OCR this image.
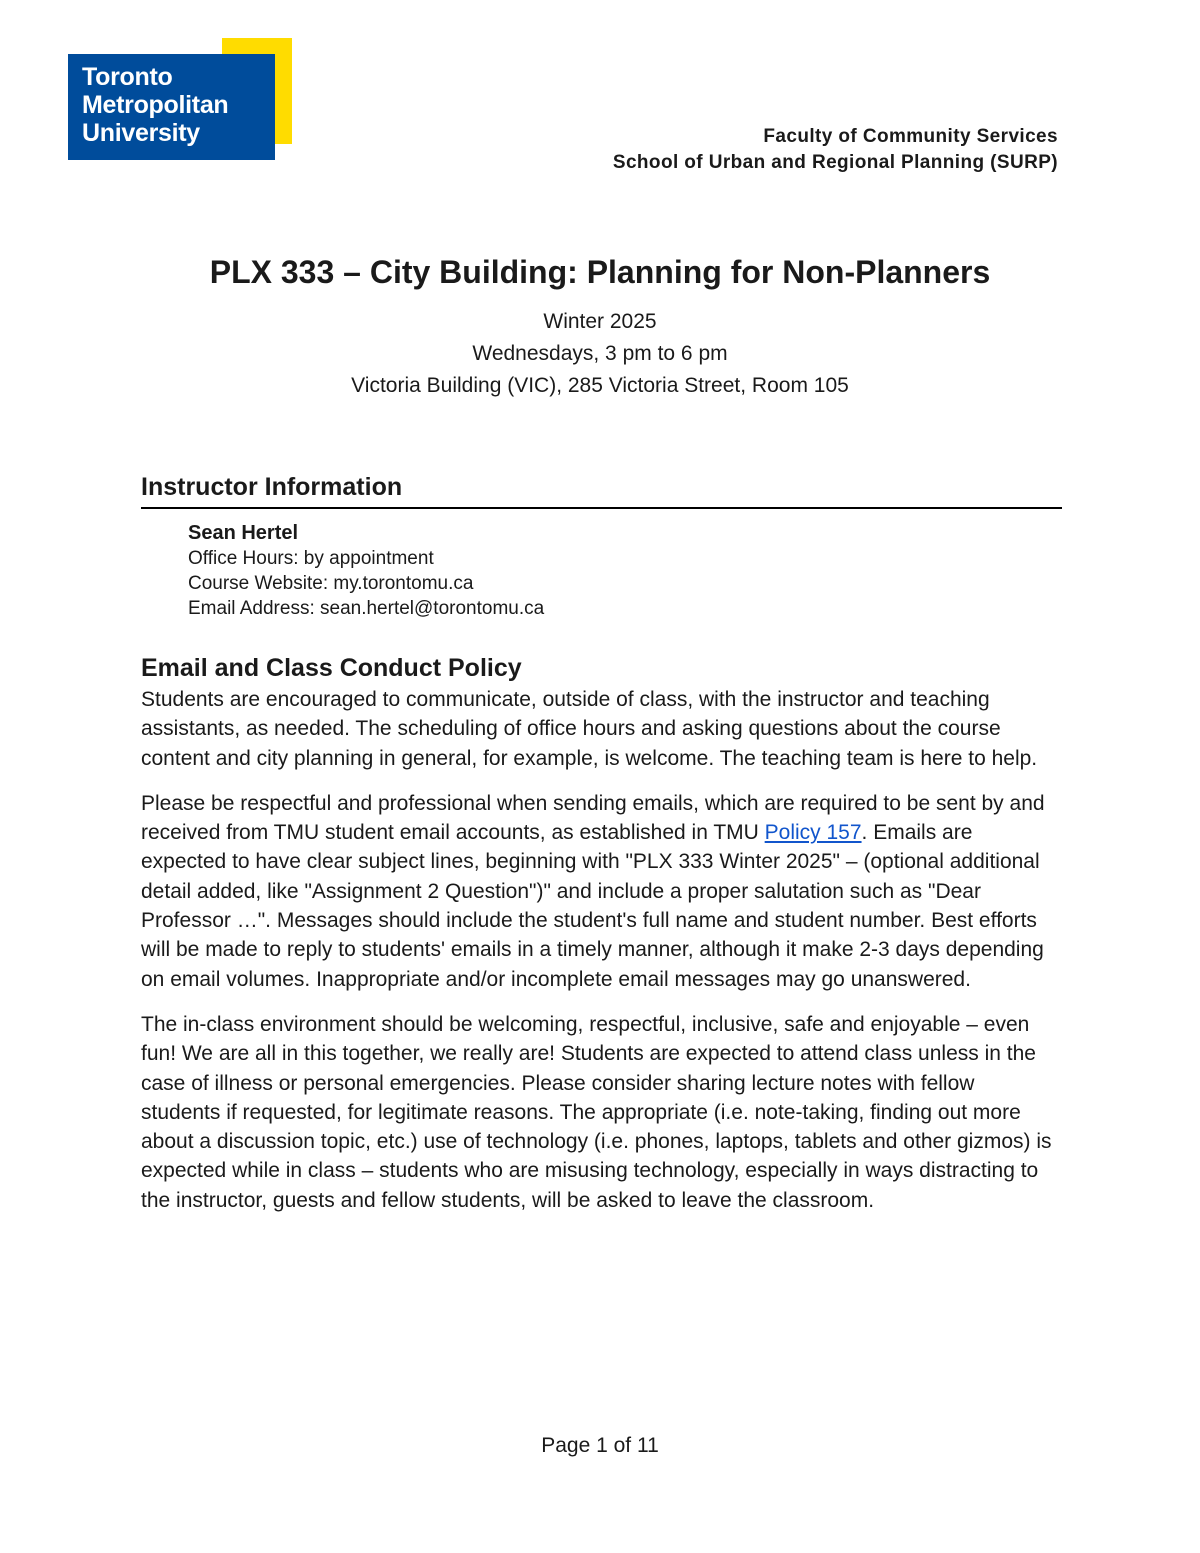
Toronto
Metropolitan
University	Faculty of Community Services
School of Urban and Regional Planning (SURP)
PLX 333 – City Building: Planning for Non-Planners
Winter 2025
Wednesdays, 3 pm to 6 pm
Victoria Building (VIC), 285 Victoria Street, Room 105
Instructor Information
Sean Hertel
Office Hours: by appointment
Course Website: my.torontomu.ca
Email Address: sean.hertel@torontomu.ca
Email and Class Conduct Policy

Students are encouraged to communicate, outside of class, with the instructor and teaching assistants, as needed. The scheduling of office hours and asking questions about the course content and city planning in general, for example, is welcome. The teaching team is here to help.

Please be respectful and professional when sending emails, which are required to be sent by and received from TMU student email accounts, as established in TMU Policy 157. Emails are expected to have clear subject lines, beginning with "PLX 333 Winter 2025" – (optional additional detail added, like "Assignment 2 Question")" and include a proper salutation such as "Dear Professor …". Messages should include the student's full name and student number. Best efforts will be made to reply to students' emails in a timely manner, although it make 2-3 days depending on email volumes. Inappropriate and/or incomplete email messages may go unanswered.

The in-class environment should be welcoming, respectful, inclusive, safe and enjoyable – even fun! We are all in this together, we really are! Students are expected to attend class unless in the case of illness or personal emergencies. Please consider sharing lecture notes with fellow students if requested, for legitimate reasons. The appropriate (i.e. note-taking, finding out more about a discussion topic, etc.) use of technology (i.e. phones, laptops, tablets and other gizmos) is expected while in class – students who are misusing technology, especially in ways distracting to the instructor, guests and fellow students, will be asked to leave the classroom.

Page 1 of 11
